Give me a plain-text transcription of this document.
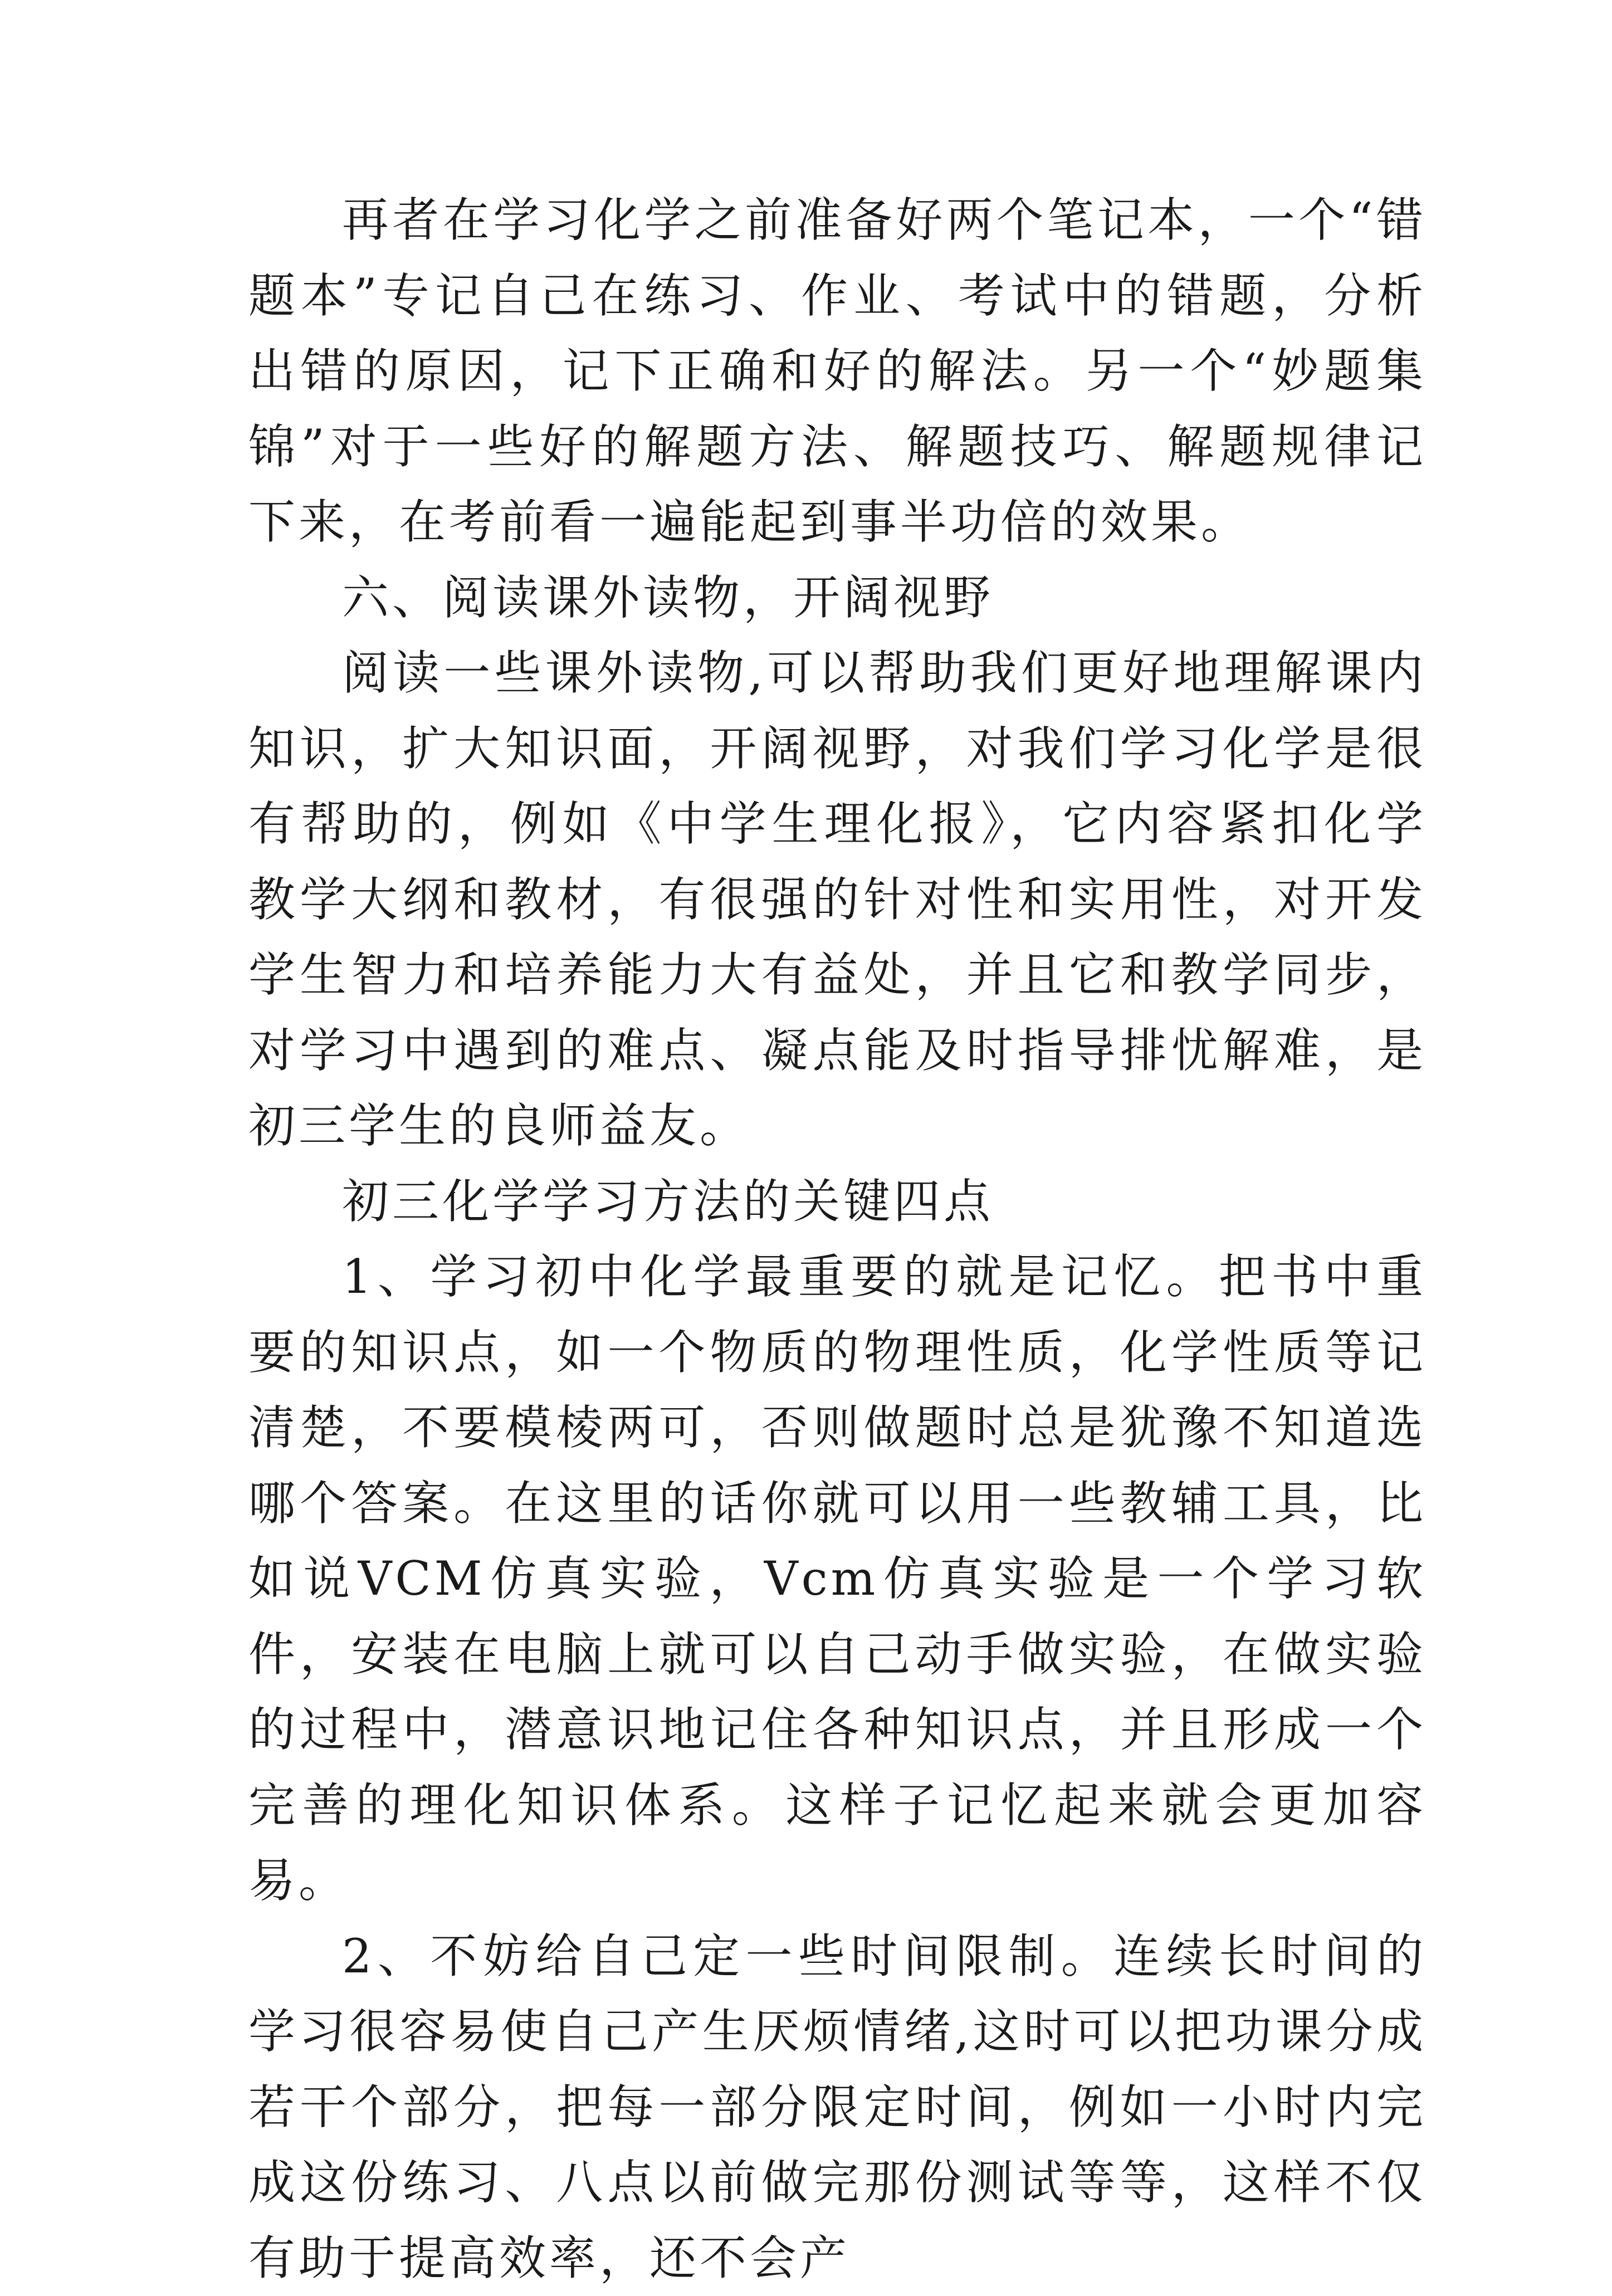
再者在学习化学之前准备好两个笔记本，一个“错题本”专记自己在练习、作业、考试中的错题，分析出错的原因，记下正确和好的解法。另一个“妙题集锦”对于一些好的解题方法、解题技巧、解题规律记下来，在考前看一遍能起到事半功倍的效果。

六、阅读课外读物，开阔视野

阅读一些课外读物,可以帮助我们更好地理解课内知识，扩大知识面，开阔视野，对我们学习化学是很有帮助的，例如《中学生理化报》，它内容紧扣化学教学大纲和教材，有很强的针对性和实用性，对开发学生智力和培养能力大有益处，并且它和教学同步，对学习中遇到的难点、凝点能及时指导排忧解难，是初三学生的良师益友。

初三化学学习方法的关键四点

1、学习初中化学最重要的就是记忆。把书中重要的知识点，如一个物质的物理性质，化学性质等记清楚，不要模棱两可，否则做题时总是犹豫不知道选哪个答案。在这里的话你就可以用一些教辅工具，比如说VCM仿真实验，Vcm仿真实验是一个学习软件，安装在电脑上就可以自己动手做实验，在做实验的过程中，潜意识地记住各种知识点，并且形成一个完善的理化知识体系。这样子记忆起来就会更加容易。

2、不妨给自己定一些时间限制。连续长时间的学习很容易使自己产生厌烦情绪,这时可以把功课分成若干个部分，把每一部分限定时间，例如一小时内完成这份练习、八点以前做完那份测试等等，这样不仅有助于提高效率，还不会产
